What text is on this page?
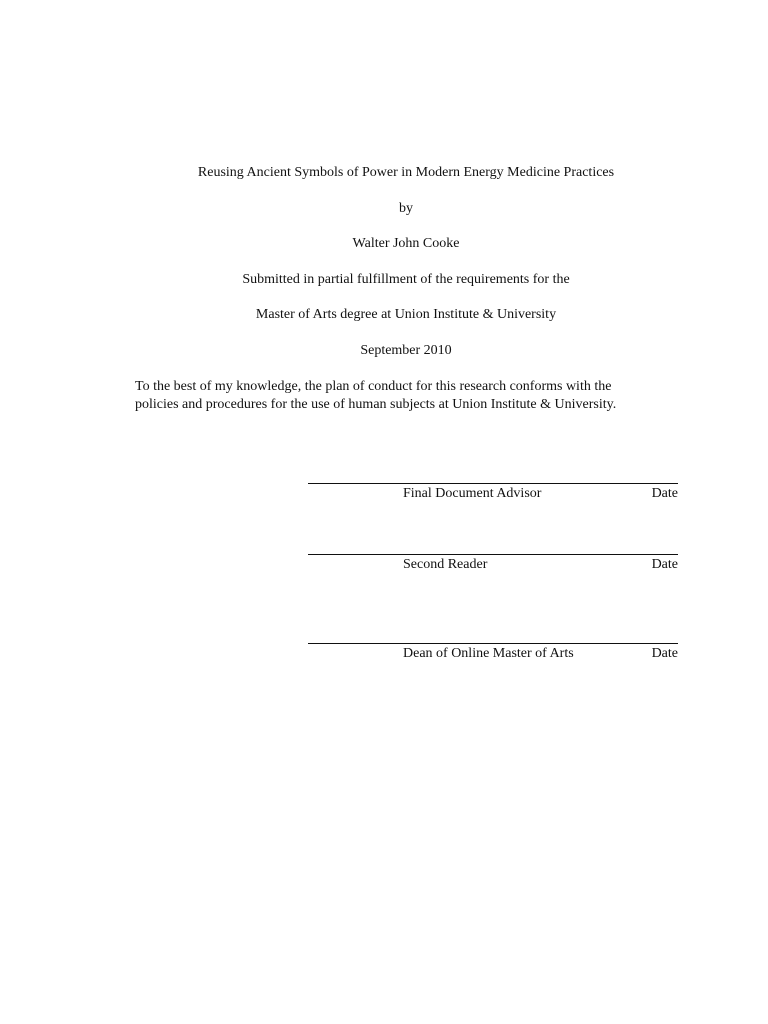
Reusing Ancient Symbols of Power in Modern Energy Medicine Practices
by
Walter John Cooke
Submitted in partial fulfillment of the requirements for the
Master of Arts degree at Union Institute & University
September 2010
To the best of my knowledge, the plan of conduct for this research conforms with the
policies and procedures for the use of human subjects at Union Institute & University.
Final Document Advisor	Date
Second Reader	Date
Dean of Online Master of Arts	Date
